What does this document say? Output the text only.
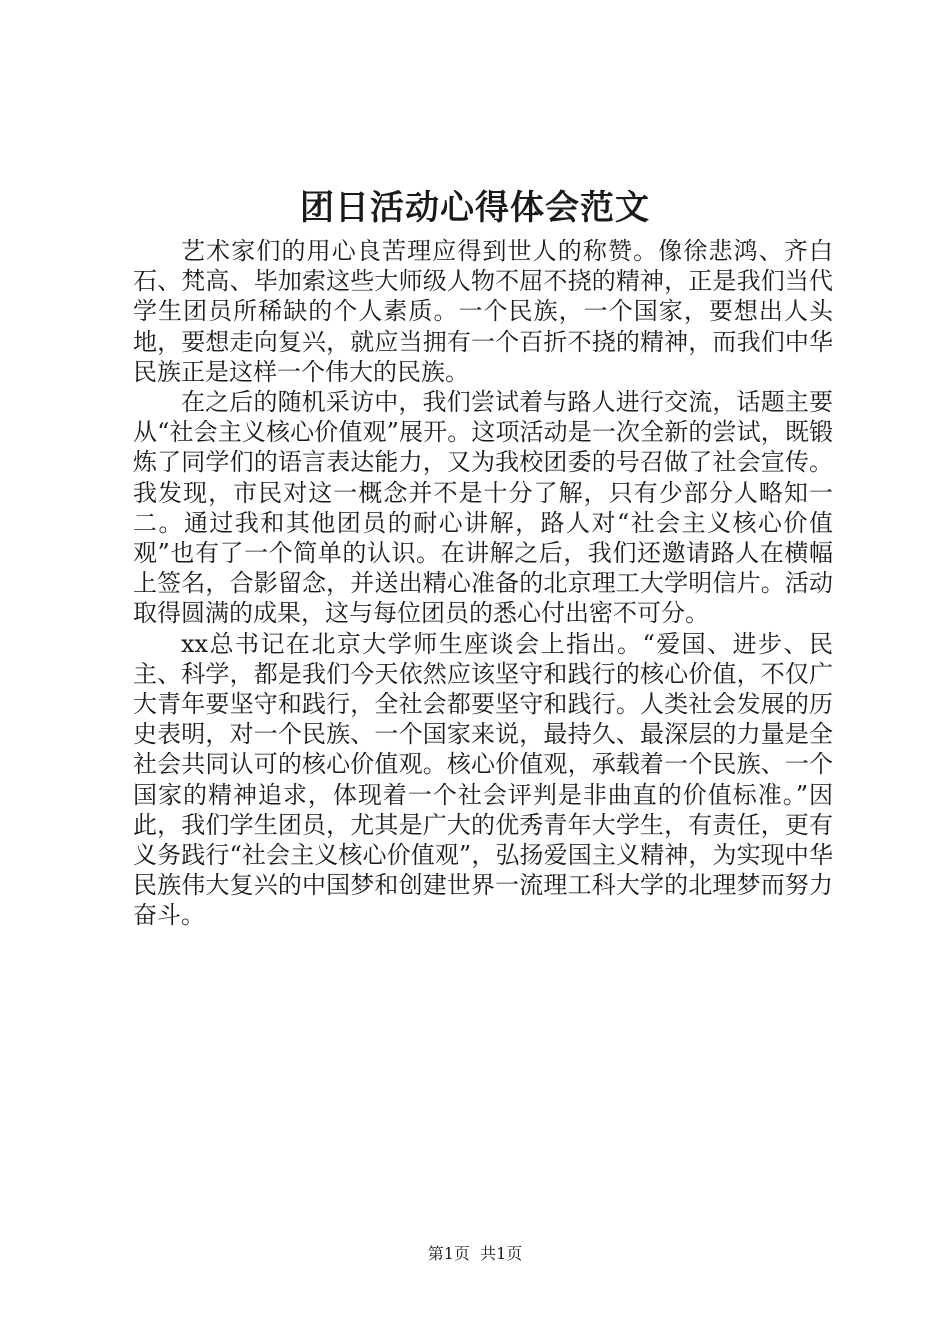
团日活动心得体会范文

艺术家们的用心良苦理应得到世人的称赞。像徐悲鸿、齐白石、梵高、毕加索这些大师级人物不屈不挠的精神，正是我们当代学生团员所稀缺的个人素质。一个民族，一个国家，要想出人头地，要想走向复兴，就应当拥有一个百折不挠的精神，而我们中华民族正是这样一个伟大的民族。

在之后的随机采访中，我们尝试着与路人进行交流，话题主要从“社会主义核心价值观”展开。这项活动是一次全新的尝试，既锻炼了同学们的语言表达能力，又为我校团委的号召做了社会宣传。我发现，市民对这一概念并不是十分了解，只有少部分人略知一二。通过我和其他团员的耐心讲解，路人对“社会主义核心价值观”也有了一个简单的认识。在讲解之后，我们还邀请路人在横幅上签名，合影留念，并送出精心准备的北京理工大学明信片。活动取得圆满的成果，这与每位团员的悉心付出密不可分。

xx总书记在北京大学师生座谈会上指出。“爱国、进步、民主、科学，都是我们今天依然应该坚守和践行的核心价值，不仅广大青年要坚守和践行，全社会都要坚守和践行。人类社会发展的历史表明，对一个民族、一个国家来说，最持久、最深层的力量是全社会共同认可的核心价值观。核心价值观，承载着一个民族、一个国家的精神追求，体现着一个社会评判是非曲直的价值标准。”因此，我们学生团员，尤其是广大的优秀青年大学生，有责任，更有义务践行“社会主义核心价值观”，弘扬爱国主义精神，为实现中华民族伟大复兴的中国梦和创建世界一流理工科大学的北理梦而努力奋斗。

第1页  共1页
